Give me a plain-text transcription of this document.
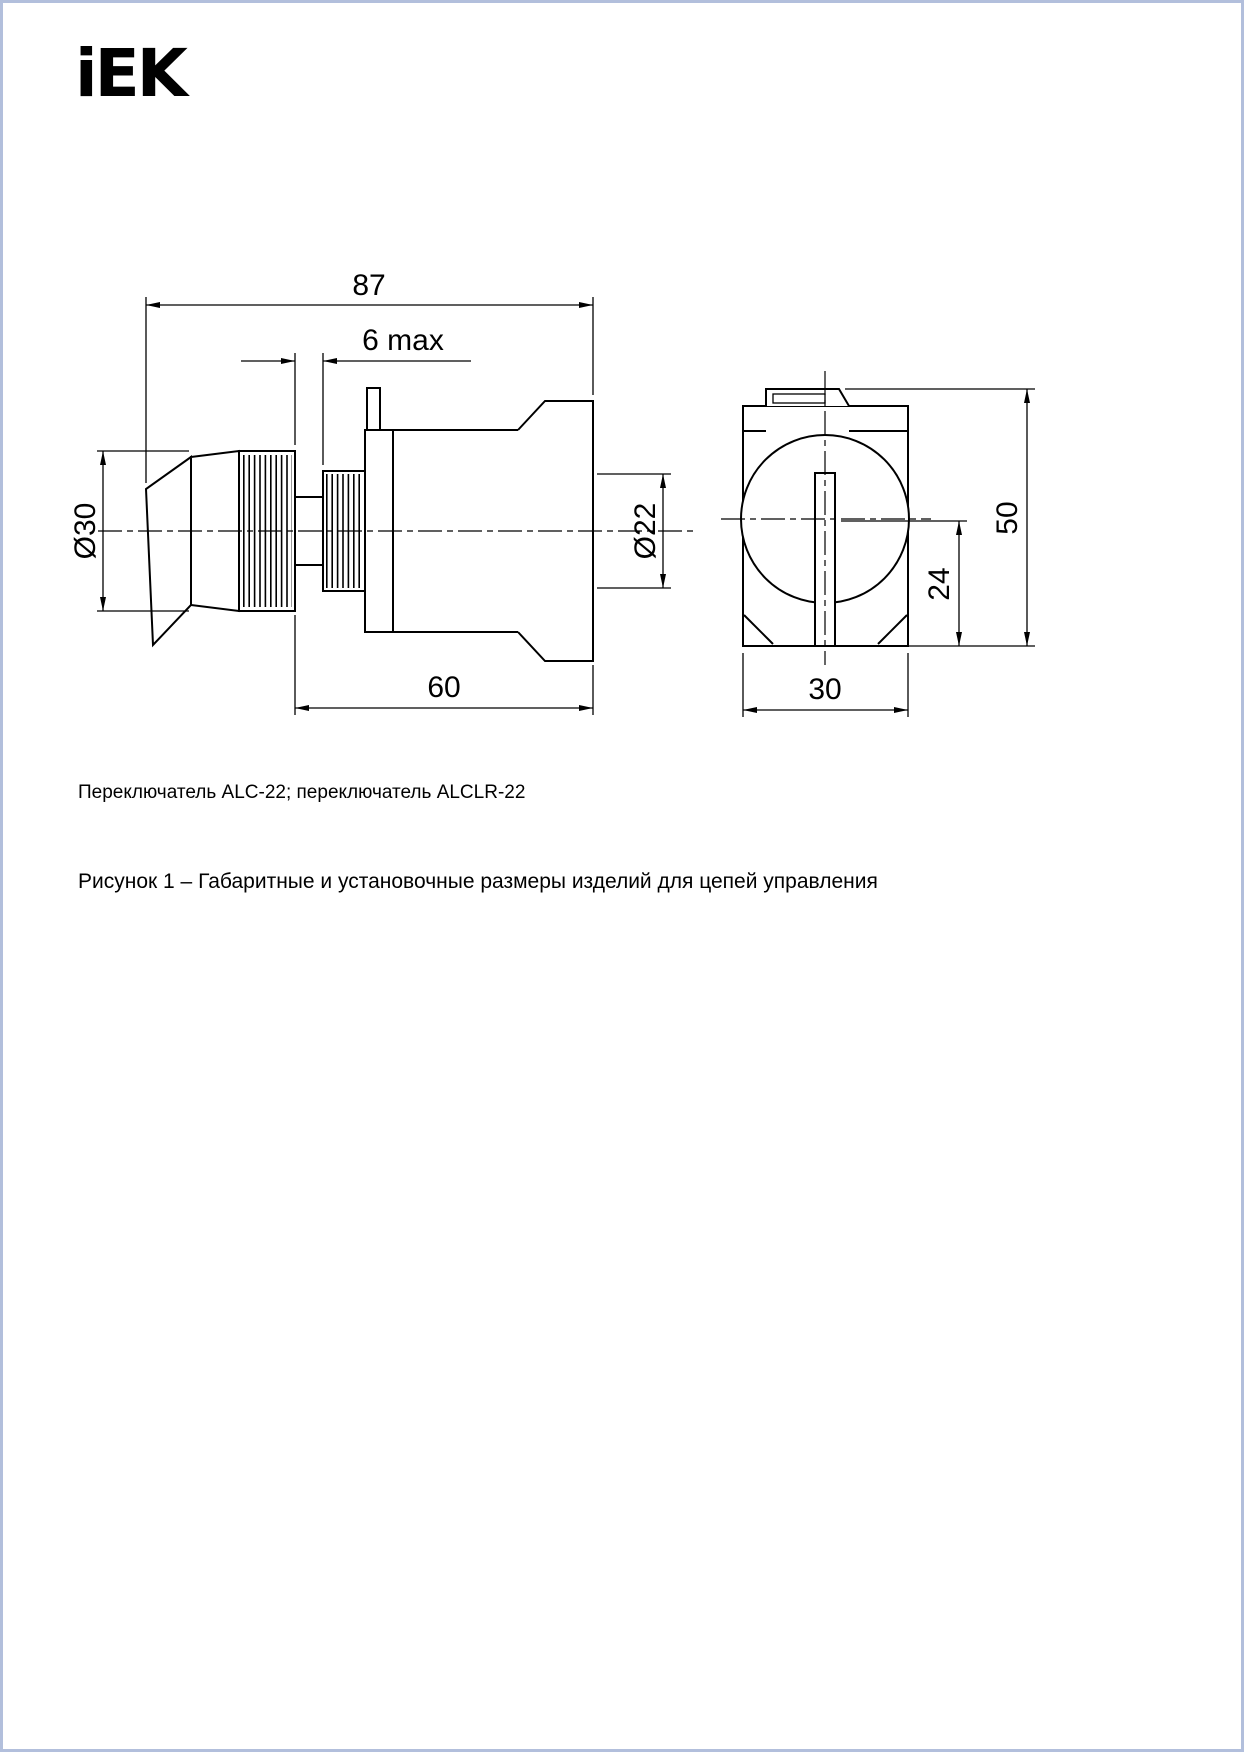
iEK
87
6 max
Ø30	Ø22
60
50
24
30
Переключатель ALC-22; переключатель ALCLR-22
Рисунок 1 – Габаритные и установочные размеры изделий для цепей управления
